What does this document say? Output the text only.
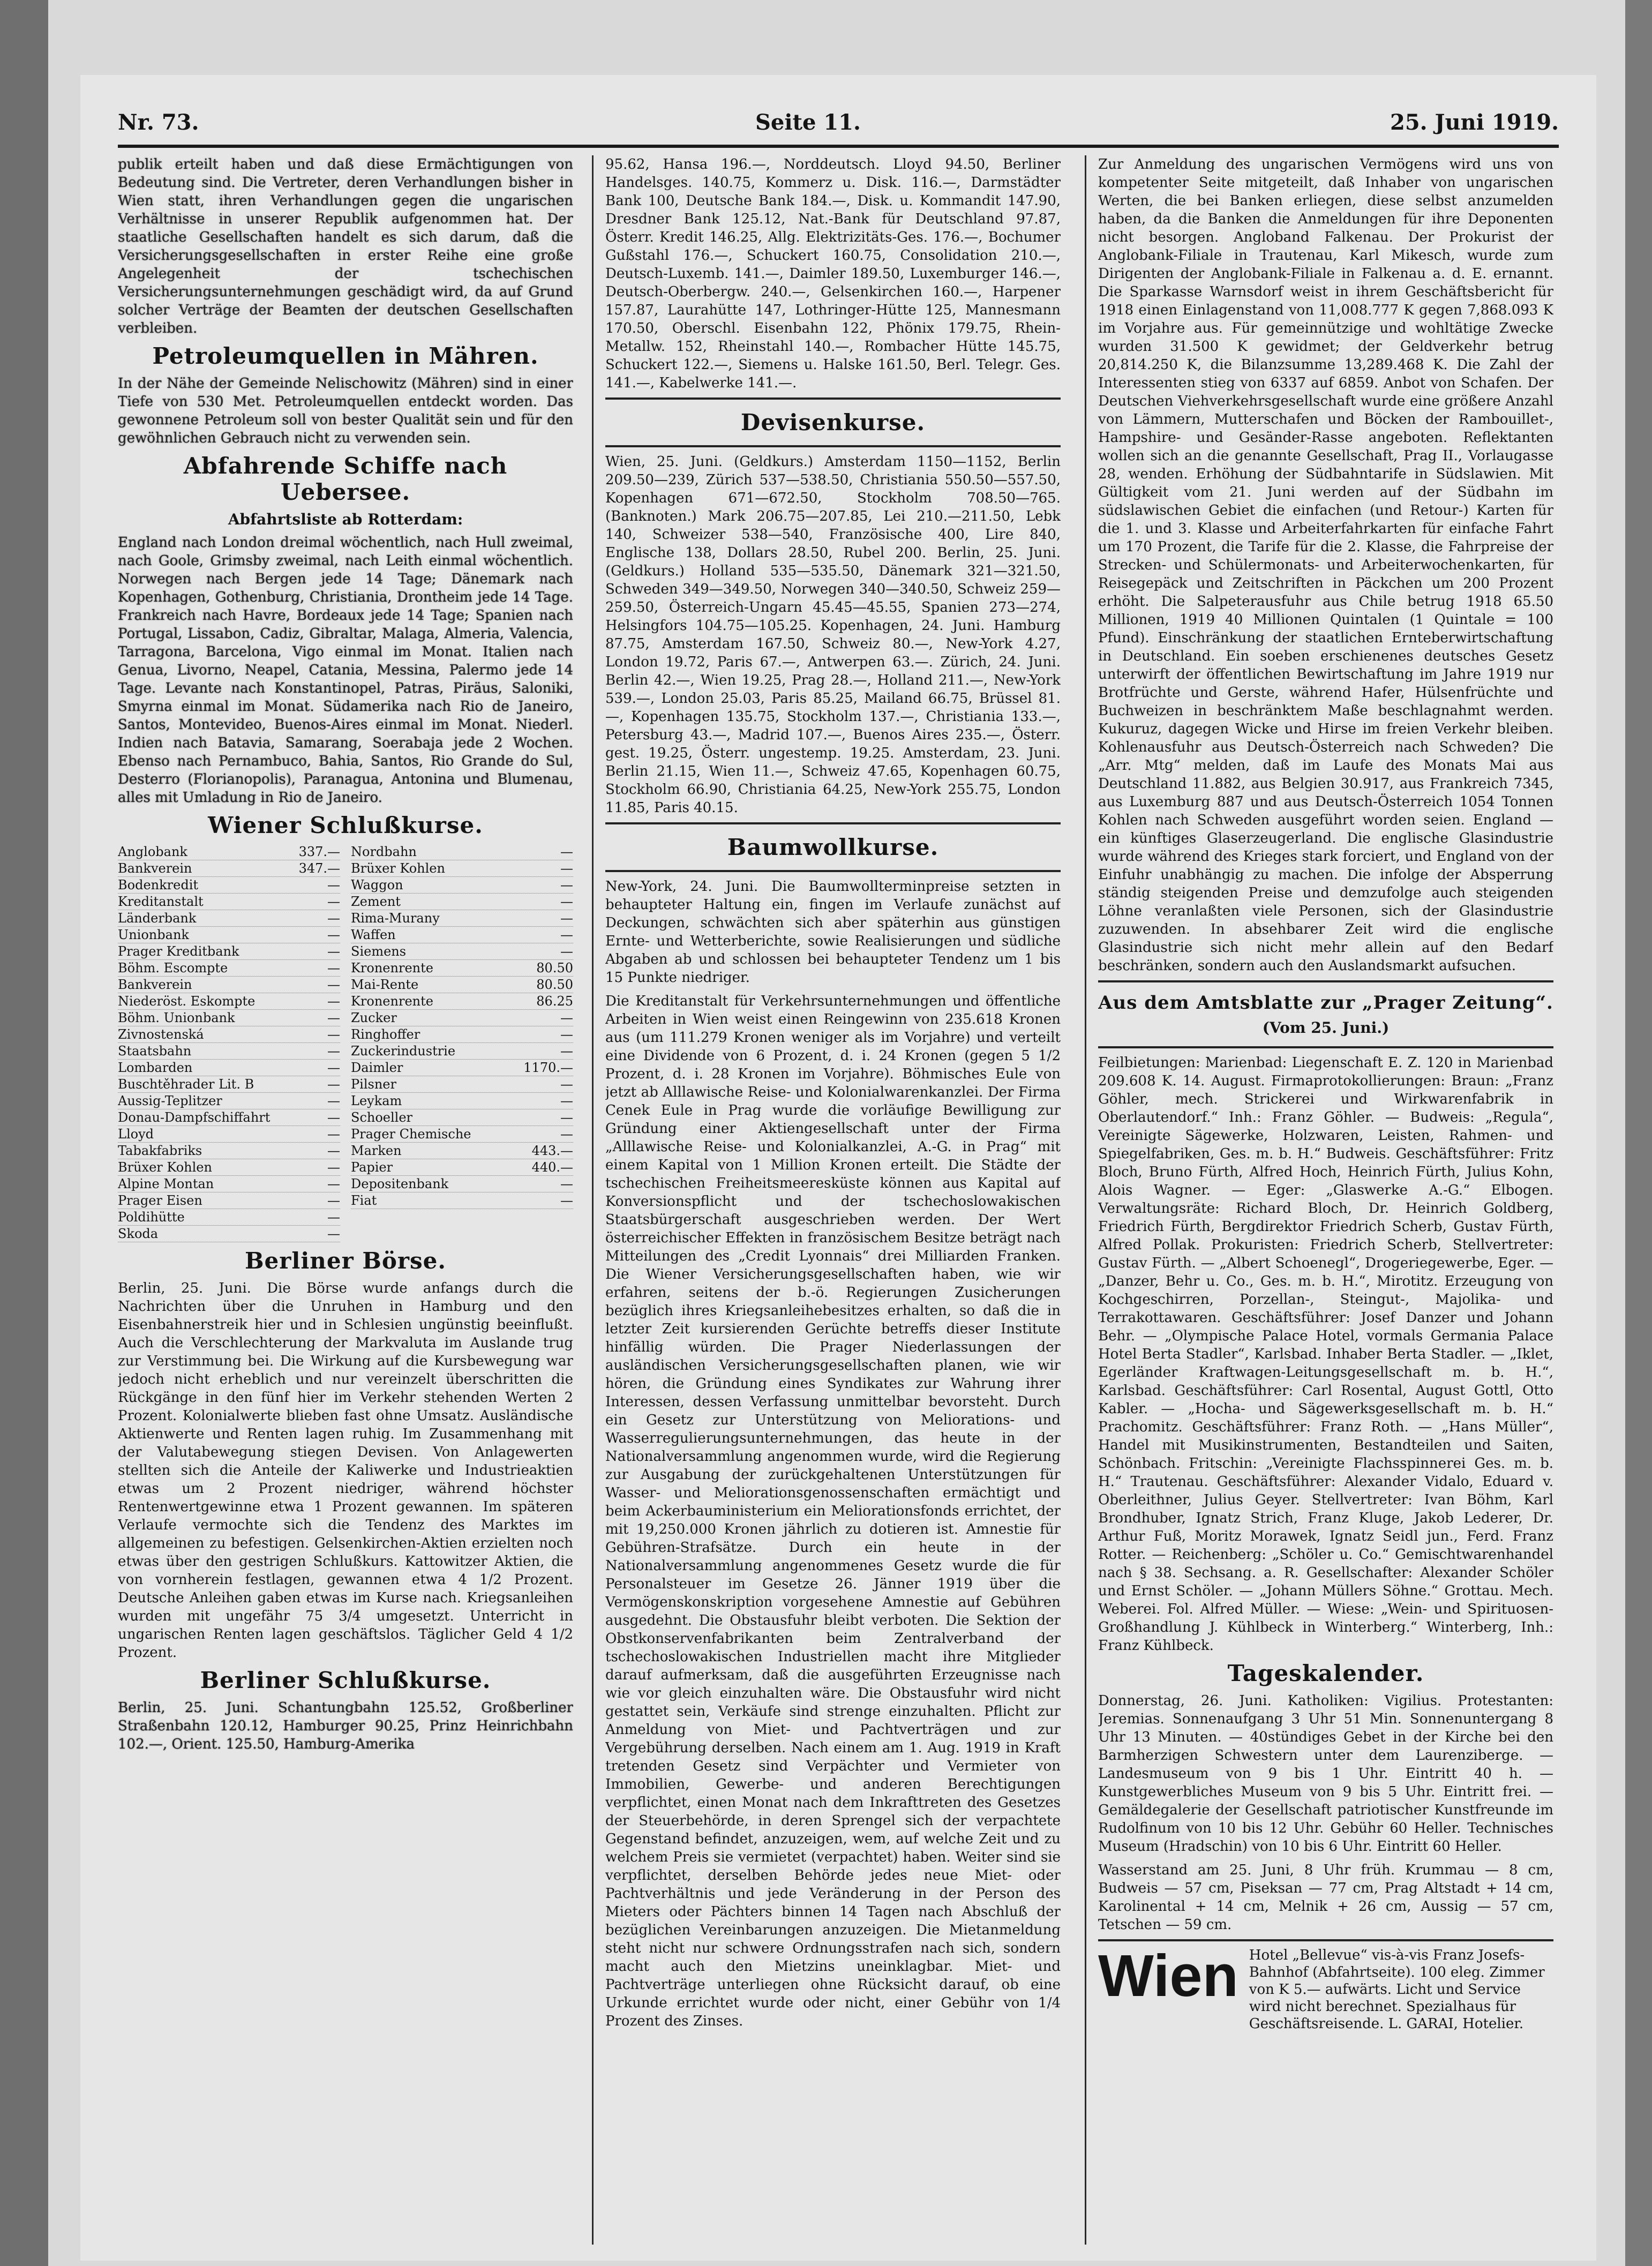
Nr. 73.	Seite 11.	25. Juni 1919.
publik erteilt haben und daß diese Ermächtigungen von Bedeutung sind. Die Vertreter, deren Verhandlungen bisher in Wien statt, ihren Verhandlungen gegen die ungarischen Verhältnisse in unserer Republik aufgenommen hat. Der staatliche Gesellschaften handelt es sich darum, daß die Versicherungsgesellschaften in erster Reihe eine große Angelegenheit der tschechischen Versicherungsunternehmungen geschädigt wird, da auf Grund solcher Verträge der Beamten der deutschen Gesellschaften verbleiben.
Petroleumquellen in Mähren.
In der Nähe der Gemeinde Nelischowitz (Mähren) sind in einer Tiefe von 530 Met. Petroleumquellen entdeckt worden. Das gewonnene Petroleum soll von bester Qualität sein und für den gewöhnlichen Gebrauch nicht zu verwenden sein.
Abfahrende Schiffe nach Uebersee.
Abfahrtsliste ab Rotterdam:
England nach London dreimal wöchentlich, nach Hull zweimal, nach Goole, Grimsby zweimal, nach Leith einmal wöchentlich. Norwegen nach Bergen jede 14 Tage; Dänemark nach Kopenhagen, Gothenburg, Christiania, Drontheim jede 14 Tage. Frankreich nach Havre, Bordeaux jede 14 Tage; Spanien nach Portugal, Lissabon, Cadiz, Gibraltar, Malaga, Almeria, Valencia, Tarragona, Barcelona, Vigo einmal im Monat. Italien nach Genua, Livorno, Neapel, Catania, Messina, Palermo jede 14 Tage. Levante nach Konstantinopel, Patras, Piräus, Saloniki, Smyrna einmal im Monat. Südamerika nach Rio de Janeiro, Santos, Montevideo, Buenos-Aires einmal im Monat. Niederl. Indien nach Batavia, Samarang, Soerabaja jede 2 Wochen. Ebenso nach Pernambuco, Bahia, Santos, Rio Grande do Sul, Desterro (Florianopolis), Paranagua, Antonina und Blumenau, alles mit Umladung in Rio de Janeiro.
Wiener Schlußkurse.
Anglobank	337.—
Bankverein	347.—
Bodenkredit	—
Kreditanstalt	—
Länderbank	—
Unionbank	—
Prager Kreditbank	—
Böhm. Escompte	—
Bankverein	—
Niederöst. Eskompte	—
Böhm. Unionbank	—
Zivnostenská	—
Staatsbahn	—
Lombarden	—
Buschtěhrader Lit. B	—
Aussig-Teplitzer	—
Donau-Dampfschiffahrt	—
Lloyd	—
Tabakfabriks	—
Brüxer Kohlen	—
Alpine Montan	—
Prager Eisen	—
Poldihütte	—
Skoda	—
Nordbahn	—
Brüxer Kohlen	—
Waggon	—
Zement	—
Rima-Murany	—
Waffen	—
Siemens	—
Kronenrente	80.50
Mai-Rente	80.50
Kronenrente	86.25
Zucker	—
Ringhoffer	—
Zuckerindustrie	—
Daimler	1170.—
Pilsner	—
Leykam	—
Schoeller	—
Prager Chemische	—
Marken	443.—
Papier	440.—
Depositenbank	—
Fiat	—
Berliner Börse.
Berlin, 25. Juni. Die Börse wurde anfangs durch die Nachrichten über die Unruhen in Hamburg und den Eisenbahnerstreik hier und in Schlesien ungünstig beeinflußt. Auch die Verschlechterung der Markvaluta im Auslande trug zur Verstimmung bei. Die Wirkung auf die Kursbewegung war jedoch nicht erheblich und nur vereinzelt überschritten die Rückgänge in den fünf hier im Verkehr stehenden Werten 2 Prozent. Kolonialwerte blieben fast ohne Umsatz. Ausländische Aktienwerte und Renten lagen ruhig. Im Zusammenhang mit der Valutabewegung stiegen Devisen. Von Anlagewerten stellten sich die Anteile der Kaliwerke und Industrieaktien etwas um 2 Prozent niedriger, während höchster Rentenwertgewinne etwa 1 Prozent gewannen. Im späteren Verlaufe vermochte sich die Tendenz des Marktes im allgemeinen zu befestigen. Gelsenkirchen-Aktien erzielten noch etwas über den gestrigen Schlußkurs. Kattowitzer Aktien, die von vornherein festlagen, gewannen etwa 4 1/2 Prozent. Deutsche Anleihen gaben etwas im Kurse nach. Kriegsanleihen wurden mit ungefähr 75 3/4 umgesetzt. Unterricht in ungarischen Renten lagen geschäftslos. Täglicher Geld 4 1/2 Prozent.
Berliner Schlußkurse.
Berlin, 25. Juni. Schantungbahn 125.52, Großberliner Straßenbahn 120.12, Hamburger 90.25, Prinz Heinrichbahn 102.—, Orient. 125.50, Hamburg-Amerika
95.62, Hansa 196.—, Norddeutsch. Lloyd 94.50, Berliner Handelsges. 140.75, Kommerz u. Disk. 116.—, Darmstädter Bank 100, Deutsche Bank 184.—, Disk. u. Kommandit 147.90, Dresdner Bank 125.12, Nat.-Bank für Deutschland 97.87, Österr. Kredit 146.25, Allg. Elektrizitäts-Ges. 176.—, Bochumer Gußstahl 176.—, Schuckert 160.75, Consolidation 210.—, Deutsch-Luxemb. 141.—, Daimler 189.50, Luxemburger 146.—, Deutsch-Oberbergw. 240.—, Gelsenkirchen 160.—, Harpener 157.87, Laurahütte 147, Lothringer-Hütte 125, Mannesmann 170.50, Oberschl. Eisenbahn 122, Phönix 179.75, Rhein-Metallw. 152, Rheinstahl 140.—, Rombacher Hütte 145.75, Schuckert 122.—, Siemens u. Halske 161.50, Berl. Telegr. Ges. 141.—, Kabelwerke 141.—.
Devisenkurse.
Wien, 25. Juni. (Geldkurs.) Amsterdam 1150—1152, Berlin 209.50—239, Zürich 537—538.50, Christiania 550.50—557.50, Kopenhagen 671—672.50, Stockholm 708.50—765. (Banknoten.) Mark 206.75—207.85, Lei 210.—211.50, Lebk 140, Schweizer 538—540, Französische 400, Lire 840, Englische 138, Dollars 28.50, Rubel 200. Berlin, 25. Juni. (Geldkurs.) Holland 535—535.50, Dänemark 321—321.50, Schweden 349—349.50, Norwegen 340—340.50, Schweiz 259—259.50, Österreich-Ungarn 45.45—45.55, Spanien 273—274, Helsingfors 104.75—105.25. Kopenhagen, 24. Juni. Hamburg 87.75, Amsterdam 167.50, Schweiz 80.—, New-York 4.27, London 19.72, Paris 67.—, Antwerpen 63.—. Zürich, 24. Juni. Berlin 42.—, Wien 19.25, Prag 28.—, Holland 211.—, New-York 539.—, London 25.03, Paris 85.25, Mailand 66.75, Brüssel 81.—, Kopenhagen 135.75, Stockholm 137.—, Christiania 133.—, Petersburg 43.—, Madrid 107.—, Buenos Aires 235.—, Österr. gest. 19.25, Österr. ungestemp. 19.25. Amsterdam, 23. Juni. Berlin 21.15, Wien 11.—, Schweiz 47.65, Kopenhagen 60.75, Stockholm 66.90, Christiania 64.25, New-York 255.75, London 11.85, Paris 40.15.
Baumwollkurse.
New-York, 24. Juni. Die Baumwollterminpreise setzten in behaupteter Haltung ein, fingen im Verlaufe zunächst auf Deckungen, schwächten sich aber späterhin aus günstigen Ernte- und Wetterberichte, sowie Realisierungen und südliche Abgaben ab und schlossen bei behaupteter Tendenz um 1 bis 15 Punkte niedriger.
Die Kreditanstalt für Verkehrsunternehmungen und öffentliche Arbeiten in Wien weist einen Reingewinn von 235.618 Kronen aus (um 111.279 Kronen weniger als im Vorjahre) und verteilt eine Dividende von 6 Prozent, d. i. 24 Kronen (gegen 5 1/2 Prozent, d. i. 28 Kronen im Vorjahre). Böhmisches Eule von jetzt ab Alllawische Reise- und Kolonialwarenkanzlei. Der Firma Cenek Eule in Prag wurde die vorläufige Bewilligung zur Gründung einer Aktiengesellschaft unter der Firma „Alllawische Reise- und Kolonialkanzlei, A.-G. in Prag“ mit einem Kapital von 1 Million Kronen erteilt. Die Städte der tschechischen Freiheitsmeeresküste können aus Kapital auf Konversionspflicht und der tschechoslowakischen Staatsbürgerschaft ausgeschrieben werden. Der Wert österreichischer Effekten in französischem Besitze beträgt nach Mitteilungen des „Credit Lyonnais“ drei Milliarden Franken. Die Wiener Versicherungsgesellschaften haben, wie wir erfahren, seitens der b.-ö. Regierungen Zusicherungen bezüglich ihres Kriegsanleihebesitzes erhalten, so daß die in letzter Zeit kursierenden Gerüchte betreffs dieser Institute hinfällig würden. Die Prager Niederlassungen der ausländischen Versicherungsgesellschaften planen, wie wir hören, die Gründung eines Syndikates zur Wahrung ihrer Interessen, dessen Verfassung unmittelbar bevorsteht. Durch ein Gesetz zur Unterstützung von Meliorations- und Wasserregulierungsunternehmungen, das heute in der Nationalversammlung angenommen wurde, wird die Regierung zur Ausgabung der zurückgehaltenen Unterstützungen für Wasser- und Meliorationsgenossenschaften ermächtigt und beim Ackerbauministerium ein Meliorationsfonds errichtet, der mit 19,250.000 Kronen jährlich zu dotieren ist. Amnestie für Gebühren-Strafsätze. Durch ein heute in der Nationalversammlung angenommenes Gesetz wurde die für Personalsteuer im Gesetze 26. Jänner 1919 über die Vermögenskonskription vorgesehene Amnestie auf Gebühren ausgedehnt. Die Obstausfuhr bleibt verboten. Die Sektion der Obstkonservenfabrikanten beim Zentralverband der tschechoslowakischen Industriellen macht ihre Mitglieder darauf aufmerksam, daß die ausgeführten Erzeugnisse nach wie vor gleich einzuhalten wäre. Die Obstausfuhr wird nicht gestattet sein, Verkäufe sind strenge einzuhalten. Pflicht zur Anmeldung von Miet- und Pachtverträgen und zur Vergebührung derselben. Nach einem am 1. Aug. 1919 in Kraft tretenden Gesetz sind Verpächter und Vermieter von Immobilien, Gewerbe- und anderen Berechtigungen verpflichtet, einen Monat nach dem Inkrafttreten des Gesetzes der Steuerbehörde, in deren Sprengel sich der verpachtete Gegenstand befindet, anzuzeigen, wem, auf welche Zeit und zu welchem Preis sie vermietet (verpachtet) haben. Weiter sind sie verpflichtet, derselben Behörde jedes neue Miet- oder Pachtverhältnis und jede Veränderung in der Person des Mieters oder Pächters binnen 14 Tagen nach Abschluß der bezüglichen Vereinbarungen anzuzeigen. Die Mietanmeldung steht nicht nur schwere Ordnungsstrafen nach sich, sondern macht auch den Mietzins uneinklagbar. Miet- und Pachtverträge unterliegen ohne Rücksicht darauf, ob eine Urkunde errichtet wurde oder nicht, einer Gebühr von 1/4 Prozent des Zinses.
Zur Anmeldung des ungarischen Vermögens wird uns von kompetenter Seite mitgeteilt, daß Inhaber von ungarischen Werten, die bei Banken erliegen, diese selbst anzumelden haben, da die Banken die Anmeldungen für ihre Deponenten nicht besorgen. Angloband Falkenau. Der Prokurist der Anglobank-Filiale in Trautenau, Karl Mikesch, wurde zum Dirigenten der Anglobank-Filiale in Falkenau a. d. E. ernannt. Die Sparkasse Warnsdorf weist in ihrem Geschäftsbericht für 1918 einen Einlagenstand von 11,008.777 K gegen 7,868.093 K im Vorjahre aus. Für gemeinnützige und wohltätige Zwecke wurden 31.500 K gewidmet; der Geldverkehr betrug 20,814.250 K, die Bilanzsumme 13,289.468 K. Die Zahl der Interessenten stieg von 6337 auf 6859. Anbot von Schafen. Der Deutschen Viehverkehrsgesellschaft wurde eine größere Anzahl von Lämmern, Mutterschafen und Böcken der Rambouillet-, Hampshire- und Gesänder-Rasse angeboten. Reflektanten wollen sich an die genannte Gesellschaft, Prag II., Vorlaugasse 28, wenden. Erhöhung der Südbahntarife in Südslawien. Mit Gültigkeit vom 21. Juni werden auf der Südbahn im südslawischen Gebiet die einfachen (und Retour-) Karten für die 1. und 3. Klasse und Arbeiterfahrkarten für einfache Fahrt um 170 Prozent, die Tarife für die 2. Klasse, die Fahrpreise der Strecken- und Schülermonats- und Arbeiterwochenkarten, für Reisegepäck und Zeitschriften in Päckchen um 200 Prozent erhöht. Die Salpeterausfuhr aus Chile betrug 1918 65.50 Millionen, 1919 40 Millionen Quintalen (1 Quintale = 100 Pfund). Einschränkung der staatlichen Ernteberwirtschaftung in Deutschland. Ein soeben erschienenes deutsches Gesetz unterwirft der öffentlichen Bewirtschaftung im Jahre 1919 nur Brotfrüchte und Gerste, während Hafer, Hülsenfrüchte und Buchweizen in beschränktem Maße beschlagnahmt werden. Kukuruz, dagegen Wicke und Hirse im freien Verkehr bleiben. Kohlenausfuhr aus Deutsch-Österreich nach Schweden? Die „Arr. Mtg“ melden, daß im Laufe des Monats Mai aus Deutschland 11.882, aus Belgien 30.917, aus Frankreich 7345, aus Luxemburg 887 und aus Deutsch-Österreich 1054 Tonnen Kohlen nach Schweden ausgeführt worden seien. England — ein künftiges Glaserzeugerland. Die englische Glasindustrie wurde während des Krieges stark forciert, und England von der Einfuhr unabhängig zu machen. Die infolge der Absperrung ständig steigenden Preise und demzufolge auch steigenden Löhne veranlaßten viele Personen, sich der Glasindustrie zuzuwenden. In absehbarer Zeit wird die englische Glasindustrie sich nicht mehr allein auf den Bedarf beschränken, sondern auch den Auslandsmarkt aufsuchen.
Aus dem Amtsblatte zur „Prager Zeitung“.
(Vom 25. Juni.)
Feilbietungen: Marienbad: Liegenschaft E. Z. 120 in Marienbad 209.608 K. 14. August. Firmaprotokollierungen: Braun: „Franz Göhler, mech. Strickerei und Wirkwarenfabrik in Oberlautendorf.“ Inh.: Franz Göhler. — Budweis: „Regula“, Vereinigte Sägewerke, Holzwaren, Leisten, Rahmen- und Spiegelfabriken, Ges. m. b. H.“ Budweis. Geschäftsführer: Fritz Bloch, Bruno Fürth, Alfred Hoch, Heinrich Fürth, Julius Kohn, Alois Wagner. — Eger: „Glaswerke A.-G.“ Elbogen. Verwaltungsräte: Richard Bloch, Dr. Heinrich Goldberg, Friedrich Fürth, Bergdirektor Friedrich Scherb, Gustav Fürth, Alfred Pollak. Prokuristen: Friedrich Scherb, Stellvertreter: Gustav Fürth. — „Albert Schoenegl“, Drogeriegewerbe, Eger. — „Danzer, Behr u. Co., Ges. m. b. H.“, Mirotitz. Erzeugung von Kochgeschirren, Porzellan-, Steingut-, Majolika- und Terrakottawaren. Geschäftsführer: Josef Danzer und Johann Behr. — „Olympische Palace Hotel, vormals Germania Palace Hotel Berta Stadler“, Karlsbad. Inhaber Berta Stadler. — „Iklet, Egerländer Kraftwagen-Leitungsgesellschaft m. b. H.“, Karlsbad. Geschäftsführer: Carl Rosental, August Gottl, Otto Kabler. — „Hocha- und Sägewerksgesellschaft m. b. H.“ Prachomitz. Geschäftsführer: Franz Roth. — „Hans Müller“, Handel mit Musikinstrumenten, Bestandteilen und Saiten, Schönbach. Fritschin: „Vereinigte Flachsspinnerei Ges. m. b. H.“ Trautenau. Geschäftsführer: Alexander Vidalo, Eduard v. Oberleithner, Julius Geyer. Stellvertreter: Ivan Böhm, Karl Brondhuber, Ignatz Strich, Franz Kluge, Jakob Lederer, Dr. Arthur Fuß, Moritz Morawek, Ignatz Seidl jun., Ferd. Franz Rotter. — Reichenberg: „Schöler u. Co.“ Gemischtwarenhandel nach § 38. Sechsang. a. R. Gesellschafter: Alexander Schöler und Ernst Schöler. — „Johann Müllers Söhne.“ Grottau. Mech. Weberei. Fol. Alfred Müller. — Wiese: „Wein- und Spirituosen-Großhandlung J. Kühlbeck in Winterberg.“ Winterberg, Inh.: Franz Kühlbeck.
Tageskalender.
Donnerstag, 26. Juni. Katholiken: Vigilius. Protestanten: Jeremias. Sonnenaufgang 3 Uhr 51 Min. Sonnenuntergang 8 Uhr 13 Minuten. — 40stündiges Gebet in der Kirche bei den Barmherzigen Schwestern unter dem Laurenziberge. — Landesmuseum von 9 bis 1 Uhr. Eintritt 40 h. — Kunstgewerbliches Museum von 9 bis 5 Uhr. Eintritt frei. — Gemäldegalerie der Gesellschaft patriotischer Kunstfreunde im Rudolfinum von 10 bis 12 Uhr. Gebühr 60 Heller. Technisches Museum (Hradschin) von 10 bis 6 Uhr. Eintritt 60 Heller.
Wasserstand am 25. Juni, 8 Uhr früh. Krummau — 8 cm, Budweis — 57 cm, Piseksan — 77 cm, Prag Altstadt + 14 cm, Karolinental + 14 cm, Melnik + 26 cm, Aussig — 57 cm, Tetschen — 59 cm.
Wien Hotel „Bellevue“ vis-à-vis Franz Josefs-Bahnhof (Abfahrtseite). 100 eleg. Zimmer von K 5.— aufwärts. Licht und Service wird nicht berechnet. Spezialhaus für Geschäftsreisende. L. GARAI, Hotelier.
